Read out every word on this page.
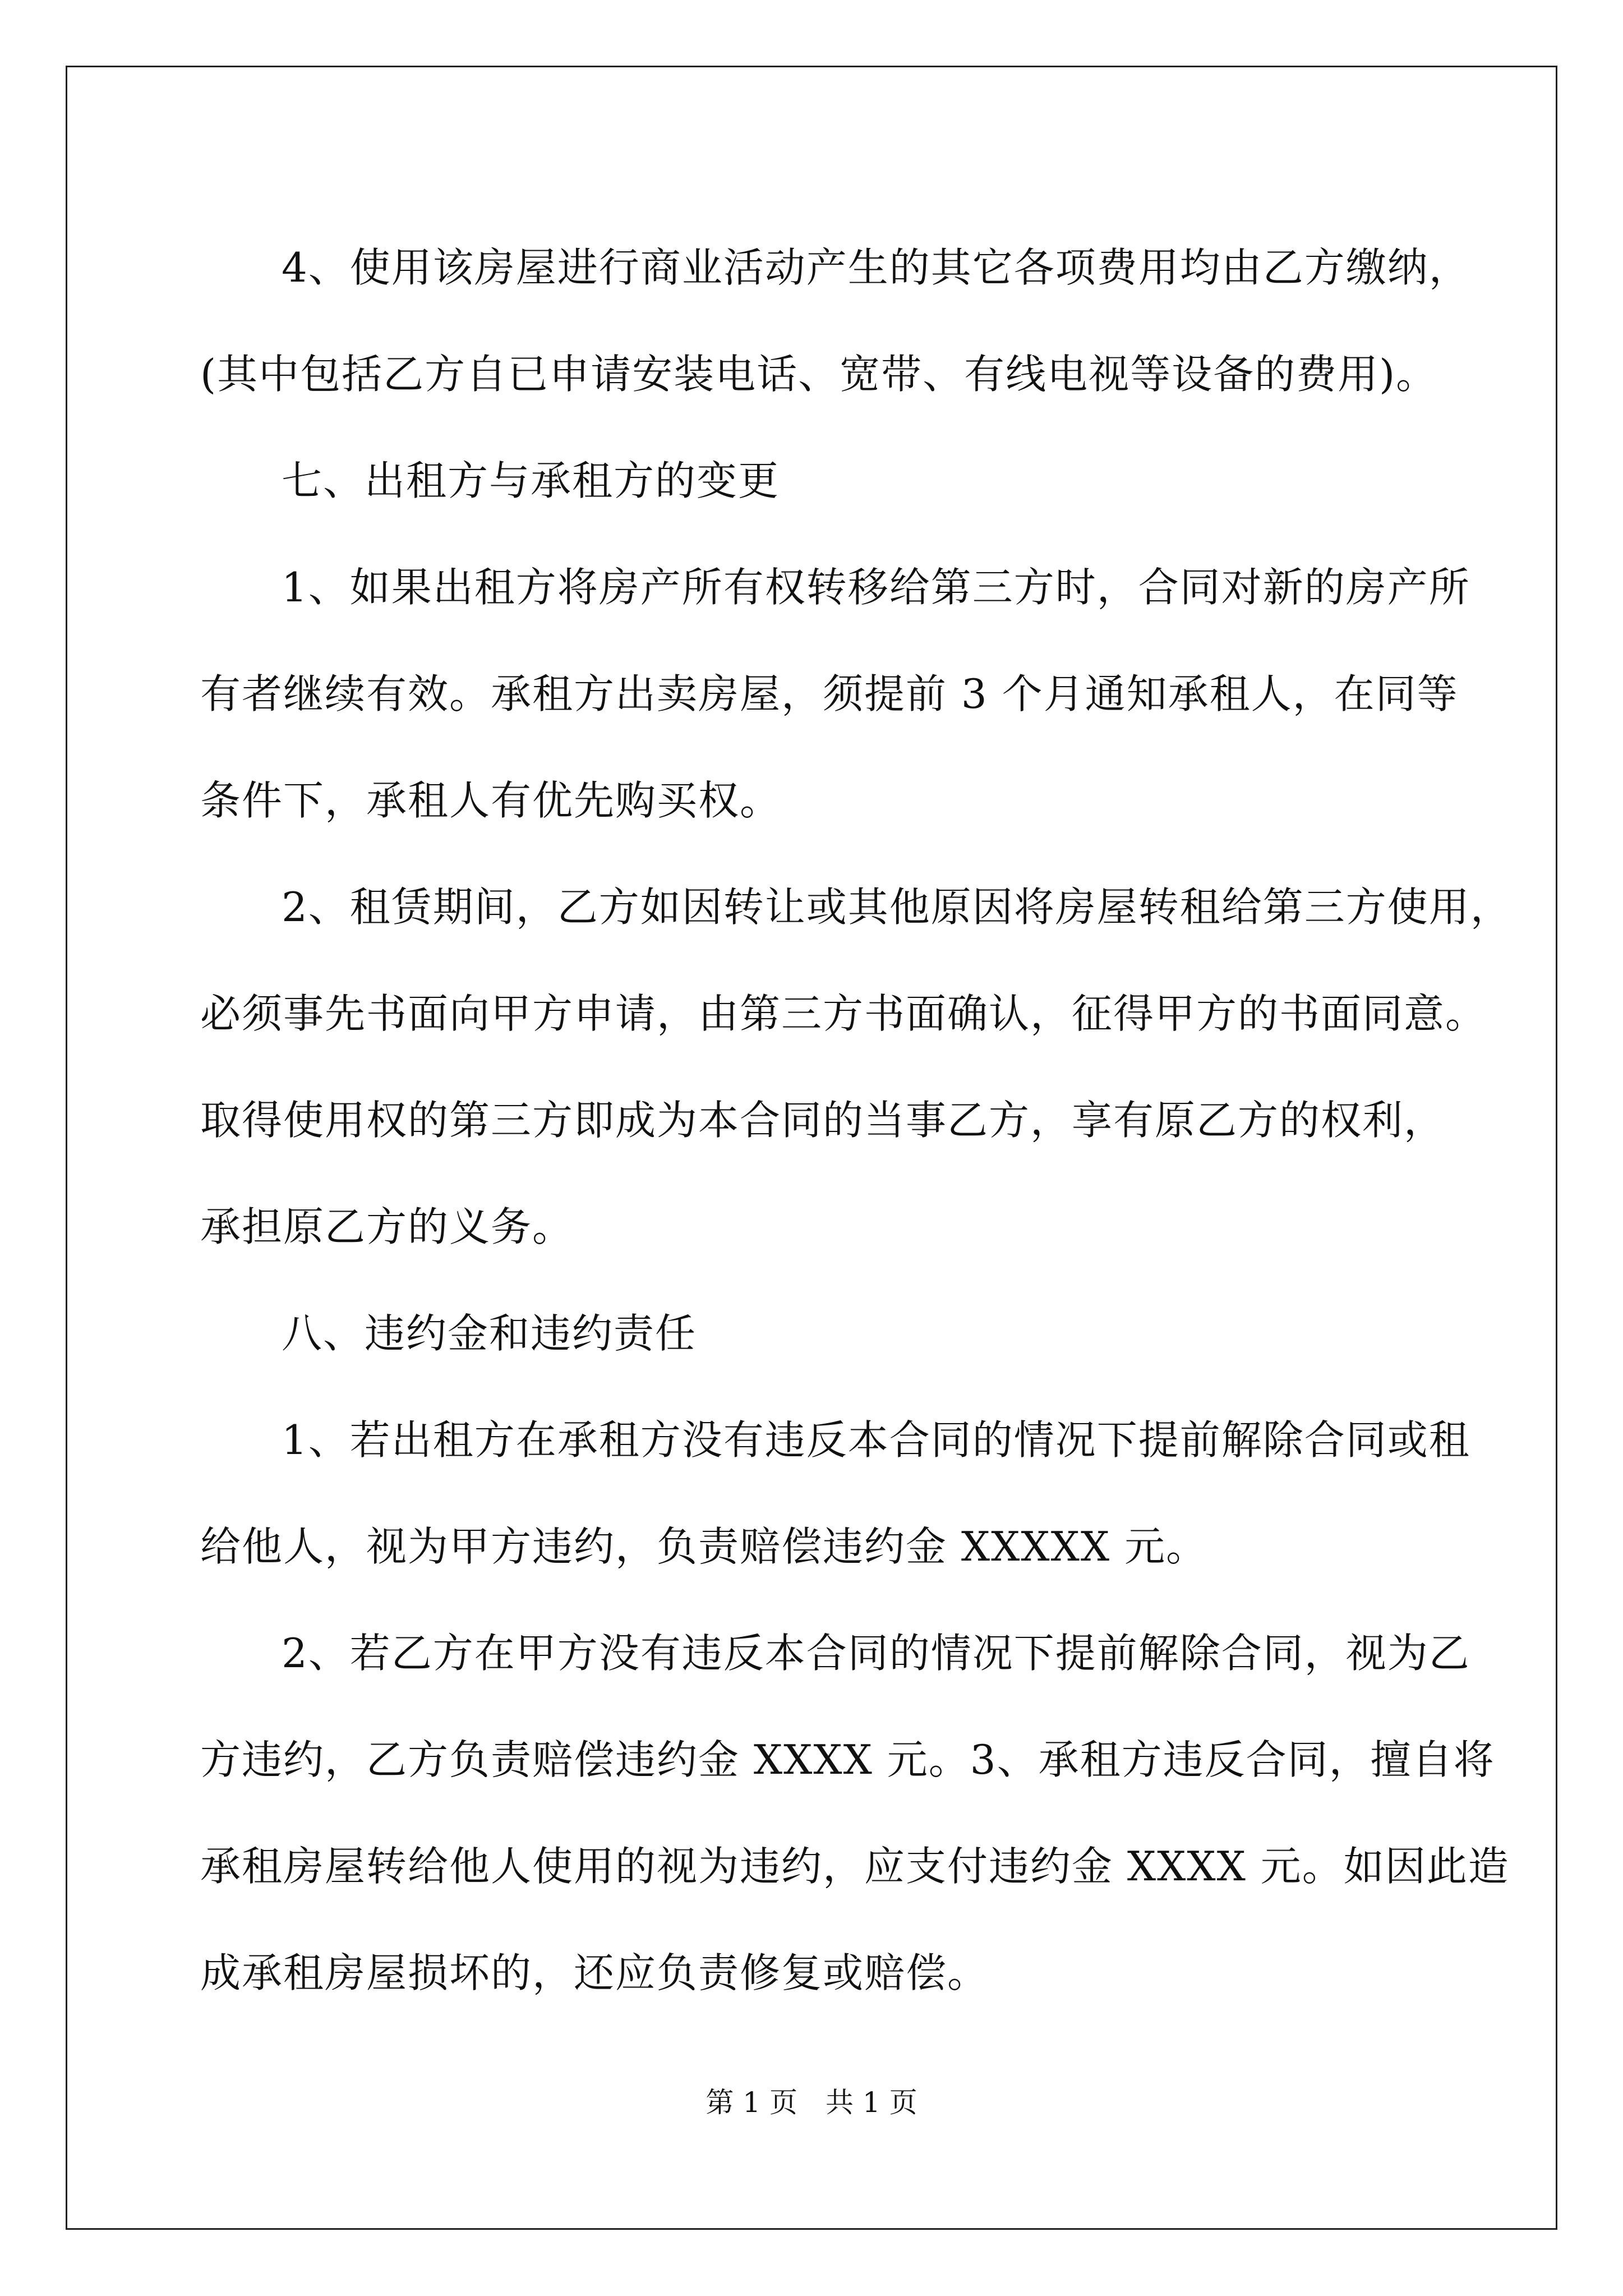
4、使用该房屋进行商业活动产生的其它各项费用均由乙方缴纳，
(其中包括乙方自已申请安装电话、宽带、有线电视等设备的费用)。
七、出租方与承租方的变更
1、如果出租方将房产所有权转移给第三方时，合同对新的房产所
有者继续有效。承租方出卖房屋，须提前 3 个月通知承租人，在同等
条件下，承租人有优先购买权。
2、租赁期间，乙方如因转让或其他原因将房屋转租给第三方使用，
必须事先书面向甲方申请，由第三方书面确认，征得甲方的书面同意。
取得使用权的第三方即成为本合同的当事乙方，享有原乙方的权利，
承担原乙方的义务。
八、违约金和违约责任
1、若出租方在承租方没有违反本合同的情况下提前解除合同或租
给他人，视为甲方违约，负责赔偿违约金 XXXXX 元。
2、若乙方在甲方没有违反本合同的情况下提前解除合同，视为乙
方违约，乙方负责赔偿违约金 XXXX 元。3、承租方违反合同，擅自将
承租房屋转给他人使用的视为违约，应支付违约金 XXXX 元。如因此造
成承租房屋损坏的，还应负责修复或赔偿。
第 1 页 共 1 页
